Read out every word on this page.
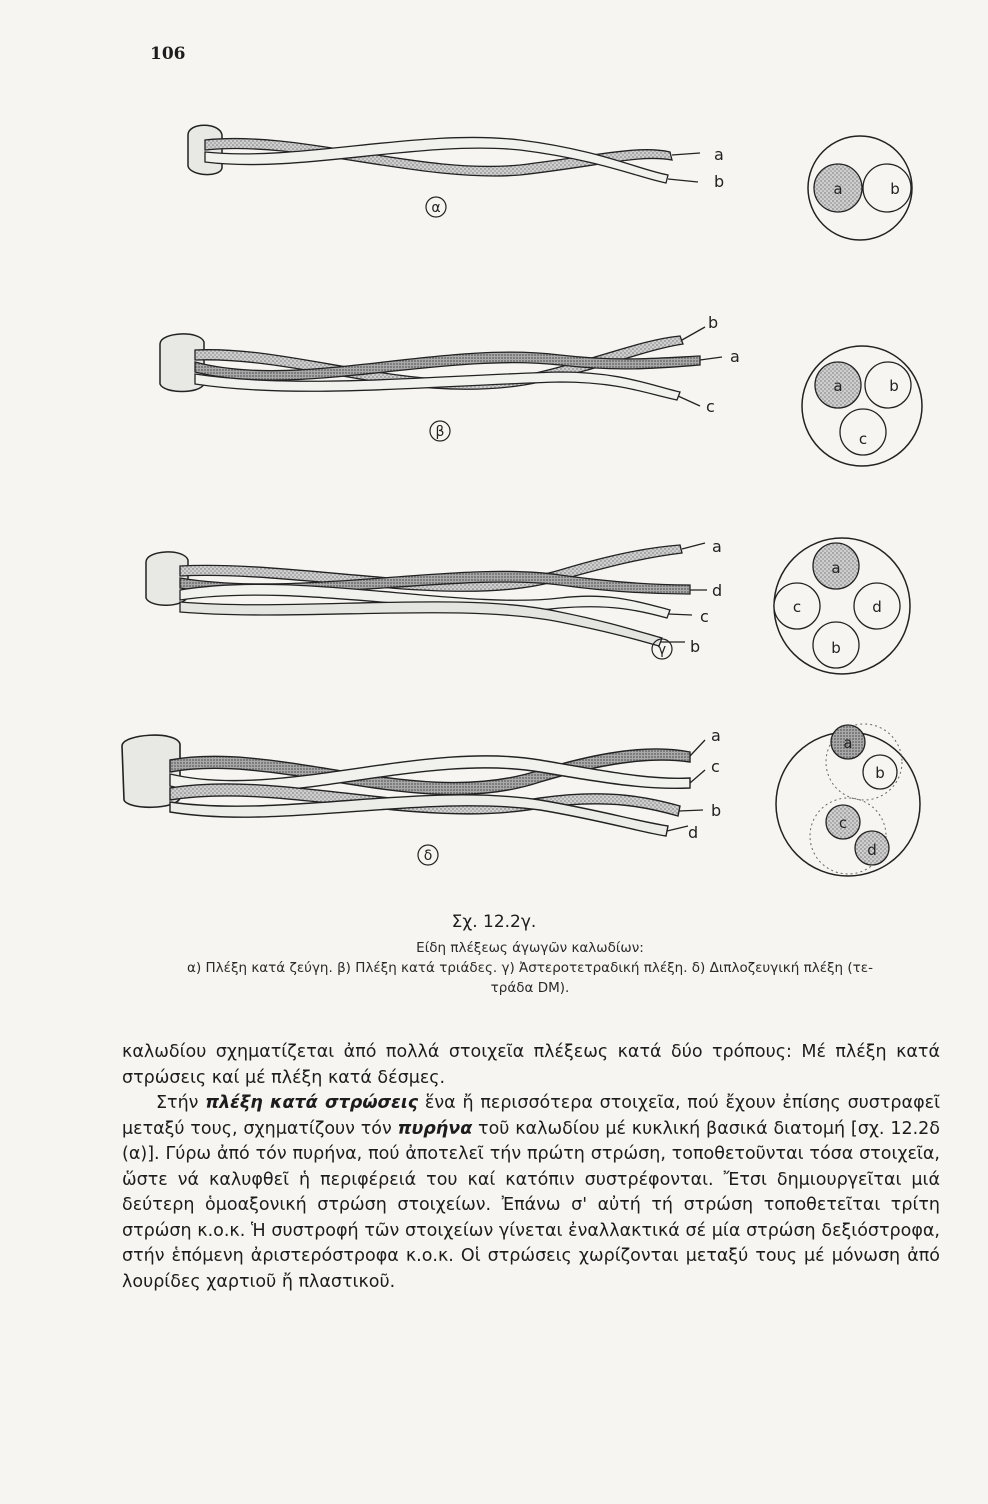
106
a
b
α
a	b
b
a
c
β
a	b
c
a
d
c
b
γ
a
c	d
b
a
c
b
d
δ
a
b
c
d
Σχ. 12.2γ.
Είδη πλέξεως άγωγῶν καλωδίων:
α) Πλέξη κατά ζεύγη. β) Πλέξη κατά τριάδες. γ) Ἀστεροτετραδική πλέξη. δ) Διπλοζευγική πλέξη (τε-
τράδα DM).

καλωδίου σχηματίζεται ἀπό πολλά στοιχεῖα πλέξεως κατά δύο τρόπους: Μέ πλέξη κατά στρώσεις καί μέ πλέξη κατά δέσμες.

Στήν πλέξη κατά στρώσεις ἕνα ἤ περισσότερα στοιχεῖα, πού ἔχουν ἐπίσης συστραφεῖ μεταξύ τους, σχηματίζουν τόν πυρήνα τοῦ καλωδίου μέ κυκλική βασικά διατομή [σχ. 12.2δ (α)]. Γύρω ἀπό τόν πυρήνα, πού ἀποτελεῖ τήν πρώτη στρώση, τοποθετοῦνται τόσα στοιχεῖα, ὥστε νά καλυφθεῖ ἡ περιφέρειά του καί κατόπιν συστρέφονται. Ἔτσι δημιουργεῖται μιά δεύτερη ὁμοαξονική στρώση στοιχείων. Ἐπάνω σ' αὐτή τή στρώση τοποθετεῖται τρίτη στρώση κ.ο.κ. Ἡ συστροφή τῶν στοιχείων γίνεται ἐναλλακτικά σέ μία στρώση δεξιόστροφα, στήν ἑπόμενη ἀριστερόστροφα κ.ο.κ. Οἱ στρώσεις χωρίζονται μεταξύ τους μέ μόνωση ἀπό λουρίδες χαρτιοῦ ἤ πλαστικοῦ.
